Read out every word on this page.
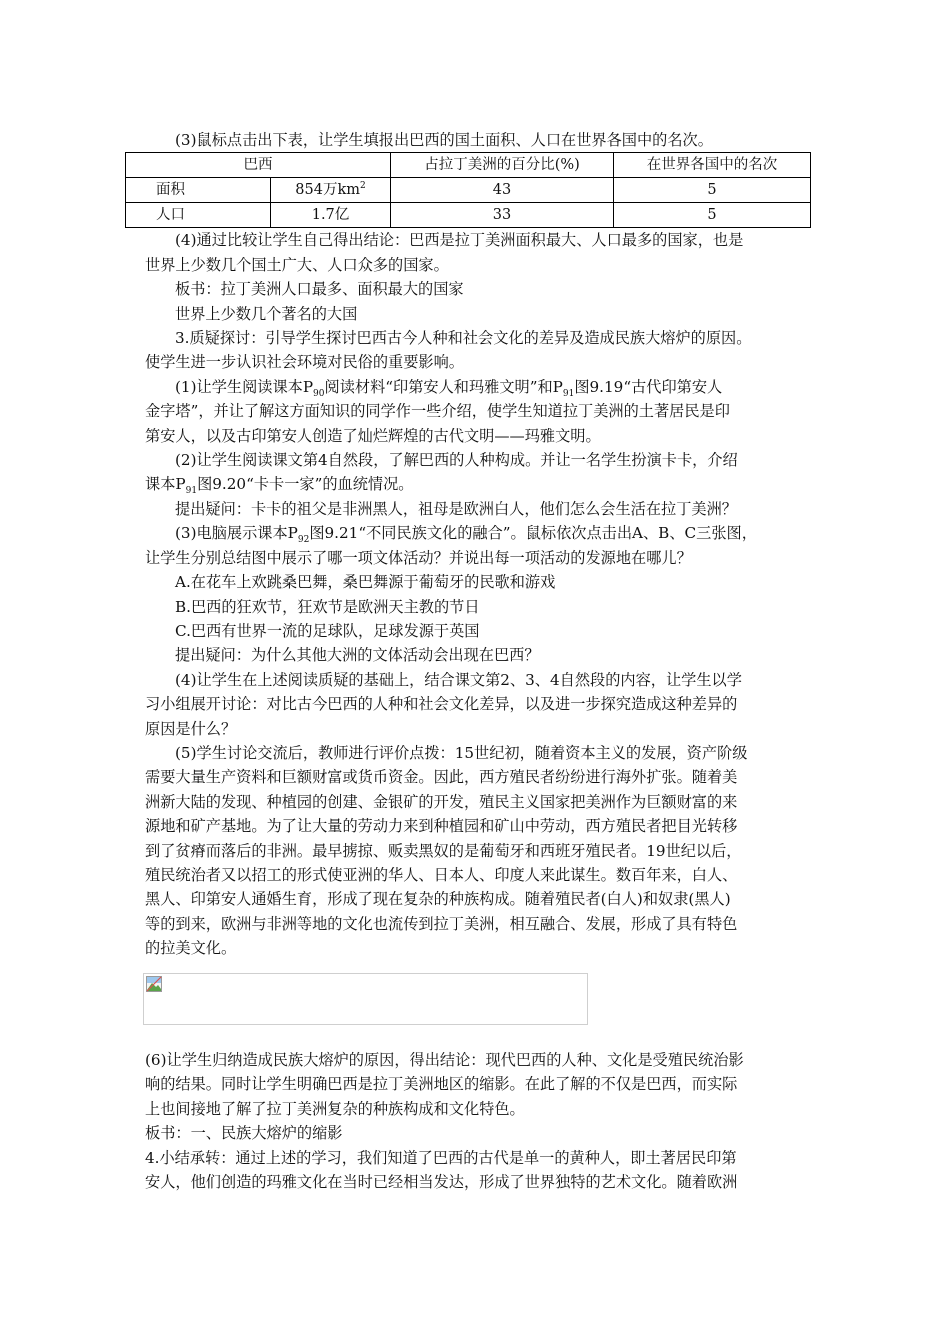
(3)鼠标点击出下表，让学生填报出巴西的国土面积、人口在世界各国中的名次。

巴西		占拉丁美洲的百分比(%)	在世界各国中的名次
面积	854万$km^2$	43	5
人口	1.7亿	33	5

(4)通过比较让学生自己得出结论：巴西是拉丁美洲面积最大、人口最多的国家，也是

世界上少数几个国土广大、人口众多的国家。

板书：拉丁美洲人口最多、面积最大的国家

世界上少数几个著名的大国

3.质疑探讨：引导学生探讨巴西古今人种和社会文化的差异及造成民族大熔炉的原因。

使学生进一步认识社会环境对民俗的重要影响。

(1)让学生阅读课本$P_{90}$阅读材料“印第安人和玛雅文明”和$P_{91}$图9.19“古代印第安人

金字塔”，并让了解这方面知识的同学作一些介绍，使学生知道拉丁美洲的土著居民是印

第安人，以及古印第安人创造了灿烂辉煌的古代文明——玛雅文明。

(2)让学生阅读课文第4自然段，了解巴西的人种构成。并让一名学生扮演卡卡，介绍

课本$P_{91}$图9.20“卡卡一家”的血统情况。

提出疑问：卡卡的祖父是非洲黑人，祖母是欧洲白人，他们怎么会生活在拉丁美洲？

(3)电脑展示课本$P_{92}$图9.21“不同民族文化的融合”。鼠标依次点击出A、B、C三张图，

让学生分别总结图中展示了哪一项文体活动？并说出每一项活动的发源地在哪儿？

A.在花车上欢跳桑巴舞，桑巴舞源于葡萄牙的民歌和游戏

B.巴西的狂欢节，狂欢节是欧洲天主教的节日

C.巴西有世界一流的足球队，足球发源于英国

提出疑问：为什么其他大洲的文体活动会出现在巴西？

(4)让学生在上述阅读质疑的基础上，结合课文第2、3、4自然段的内容，让学生以学

习小组展开讨论：对比古今巴西的人种和社会文化差异，以及进一步探究造成这种差异的

原因是什么？

(5)学生讨论交流后，教师进行评价点拨：15世纪初，随着资本主义的发展，资产阶级

需要大量生产资料和巨额财富或货币资金。因此，西方殖民者纷纷进行海外扩张。随着美

洲新大陆的发现、种植园的创建、金银矿的开发，殖民主义国家把美洲作为巨额财富的来

源地和矿产基地。为了让大量的劳动力来到种植园和矿山中劳动，西方殖民者把目光转移

到了贫瘠而落后的非洲。最早掳掠、贩卖黑奴的是葡萄牙和西班牙殖民者。19世纪以后，

殖民统治者又以招工的形式使亚洲的华人、日本人、印度人来此谋生。数百年来，白人、

黑人、印第安人通婚生育，形成了现在复杂的种族构成。随着殖民者(白人)和奴隶(黑人)

等的到来，欧洲与非洲等地的文化也流传到拉丁美洲，相互融合、发展，形成了具有特色

的拉美文化。

(6)让学生归纳造成民族大熔炉的原因，得出结论：现代巴西的人种、文化是受殖民统治影

响的结果。同时让学生明确巴西是拉丁美洲地区的缩影。在此了解的不仅是巴西，而实际

上也间接地了解了拉丁美洲复杂的种族构成和文化特色。

板书：一、民族大熔炉的缩影

4.小结承转：通过上述的学习，我们知道了巴西的古代是单一的黄种人，即土著居民印第

安人，他们创造的玛雅文化在当时已经相当发达，形成了世界独特的艺术文化。随着欧洲
